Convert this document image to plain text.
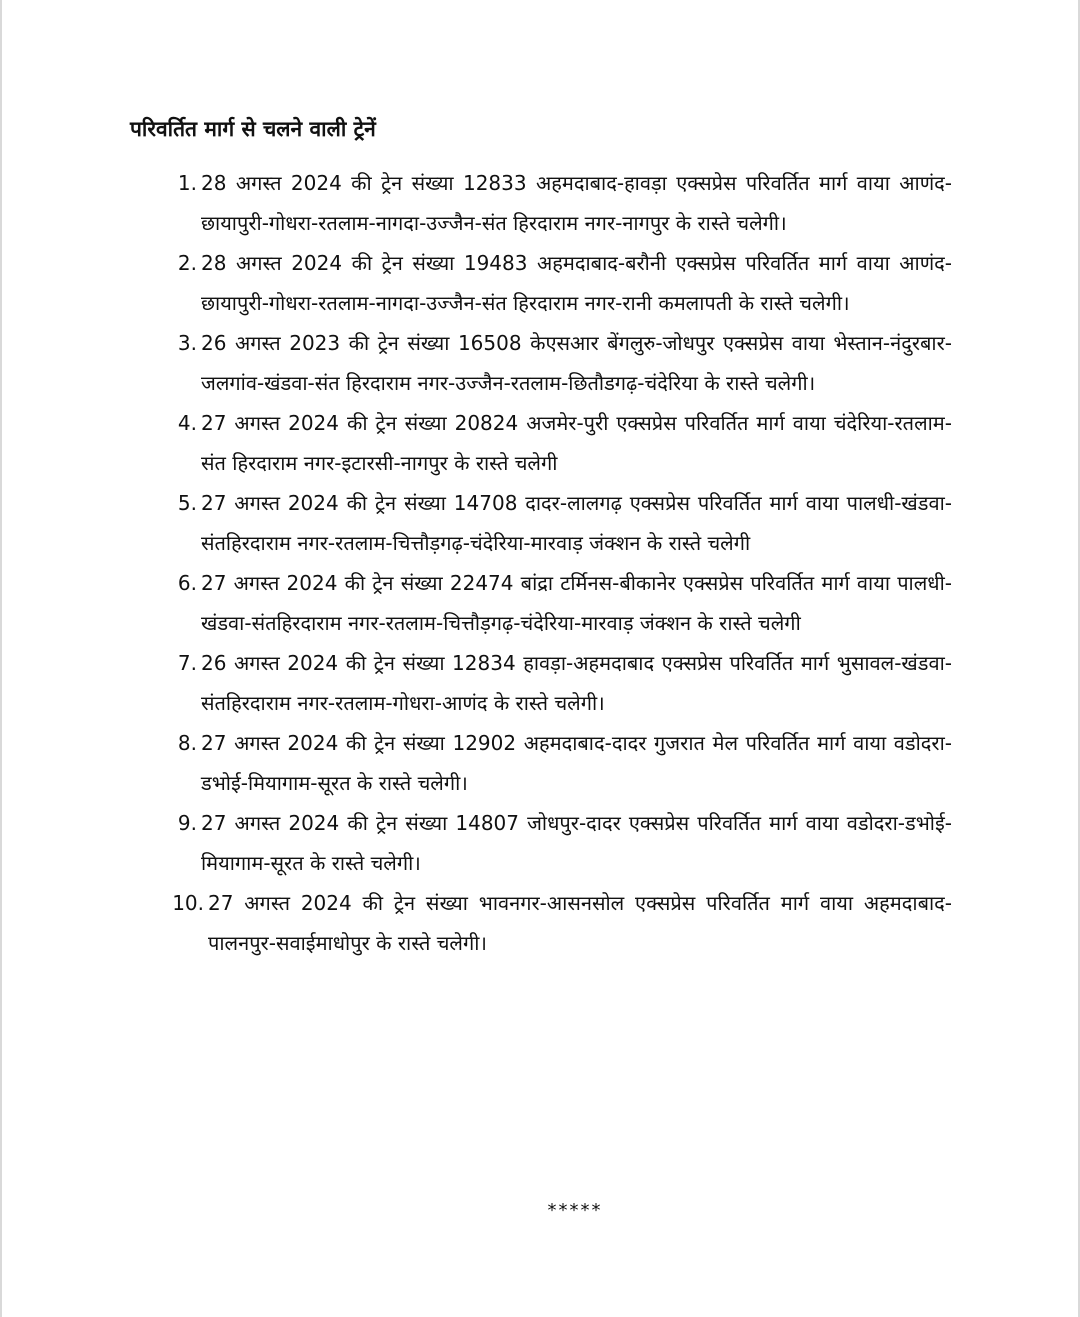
परिवर्तित मार्ग से चलने वाली ट्रेनें
1. 28 अगस्त 2024 की ट्रेन संख्या 12833 अहमदाबाद-हावड़ा एक्सप्रेस परिवर्तित मार्ग वाया आणंद-छायापुरी-गोधरा-रतलाम-नागदा-उज्जैन-संत हिरदाराम नगर-नागपुर के रास्ते चलेगी।
2. 28 अगस्त 2024 की ट्रेन संख्या 19483 अहमदाबाद-बरौनी एक्सप्रेस परिवर्तित मार्ग वाया आणंद-छायापुरी-गोधरा-रतलाम-नागदा-उज्जैन-संत हिरदाराम नगर-रानी कमलापती के रास्ते चलेगी।
3. 26 अगस्त 2023 की ट्रेन संख्या 16508 केएसआर बेंगलुरु-जोधपुर एक्सप्रेस वाया भेस्तान-नंदुरबार-जलगांव-खंडवा-संत हिरदाराम नगर-उज्जैन-रतलाम-छितौडगढ़-चंदेरिया के रास्ते चलेगी।
4. 27 अगस्त 2024 की ट्रेन संख्या 20824 अजमेर-पुरी एक्सप्रेस परिवर्तित मार्ग वाया चंदेरिया-रतलाम-संत हिरदाराम नगर-इटारसी-नागपुर के रास्ते चलेगी
5. 27 अगस्त 2024 की ट्रेन संख्या 14708 दादर-लालगढ़ एक्सप्रेस परिवर्तित मार्ग वाया पालधी-खंडवा-संतहिरदाराम नगर-रतलाम-चित्तौड़गढ़-चंदेरिया-मारवाड़ जंक्शन के रास्ते चलेगी
6. 27 अगस्त 2024 की ट्रेन संख्या 22474 बांद्रा टर्मिनस-बीकानेर एक्सप्रेस परिवर्तित मार्ग वाया पालधी-खंडवा-संतहिरदाराम नगर-रतलाम-चित्तौड़गढ़-चंदेरिया-मारवाड़ जंक्शन के रास्ते चलेगी
7. 26 अगस्त 2024 की ट्रेन संख्या 12834 हावड़ा-अहमदाबाद एक्सप्रेस परिवर्तित मार्ग भुसावल-खंडवा-संतहिरदाराम नगर-रतलाम-गोधरा-आणंद के रास्ते चलेगी।
8. 27 अगस्त 2024 की ट्रेन संख्या 12902 अहमदाबाद-दादर गुजरात मेल परिवर्तित मार्ग वाया वडोदरा-डभोई-मियागाम-सूरत के रास्ते चलेगी।
9. 27 अगस्त 2024 की ट्रेन संख्या 14807 जोधपुर-दादर एक्सप्रेस परिवर्तित मार्ग वाया वडोदरा-डभोई-मियागाम-सूरत के रास्ते चलेगी।
10. 27 अगस्त 2024 की ट्रेन संख्या भावनगर-आसनसोल एक्सप्रेस परिवर्तित मार्ग वाया अहमदाबाद-पालनपुर-सवाईमाधोपुर के रास्ते चलेगी।
*****
